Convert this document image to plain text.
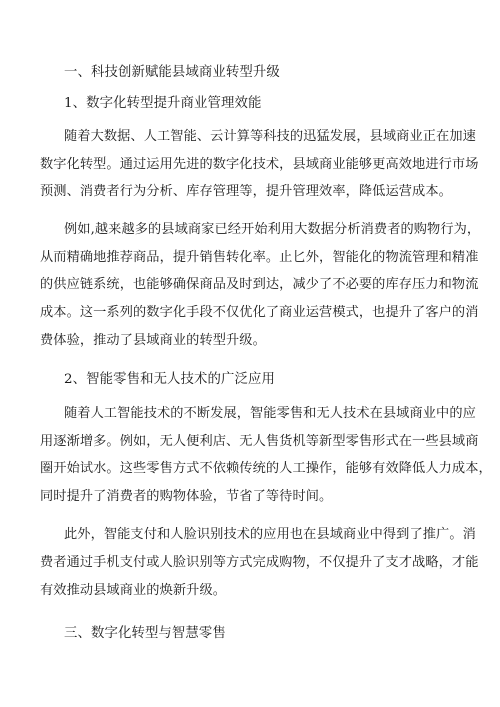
一、科技创新赋能县域商业转型升级
1、数字化转型提升商业管理效能
随着大数据、人工智能、云计算等科技的迅猛发展，县域商业正在加速
数字化转型。通过运用先进的数字化技术，县域商业能够更高效地进行市场
预测、消费者行为分析、库存管理等，提升管理效率，降低运营成本。
例如,越来越多的县域商家已经开始利用大数据分析消费者的购物行为，
从而精确地推荐商品，提升销售转化率。止匕外，智能化的物流管理和精准
的供应链系统，也能够确保商品及时到达，减少了不必要的库存压力和物流
成本。这一系列的数字化手段不仅优化了商业运营模式，也提升了客户的消
费体验，推动了县域商业的转型升级。
2、智能零售和无人技术的广泛应用
随着人工智能技术的不断发展，智能零售和无人技术在县域商业中的应
用逐渐增多。例如，无人便利店、无人售货机等新型零售形式在一些县域商
圈开始试水。这些零售方式不依赖传统的人工操作，能够有效降低人力成本，
同时提升了消费者的购物体验，节省了等待时间。
此外，智能支付和人脸识别技术的应用也在县域商业中得到了推广。消
费者通过手机支付或人脸识别等方式完成购物，不仅提升了支才战略，才能
有效推动县域商业的焕新升级。
三、数字化转型与智慧零售
